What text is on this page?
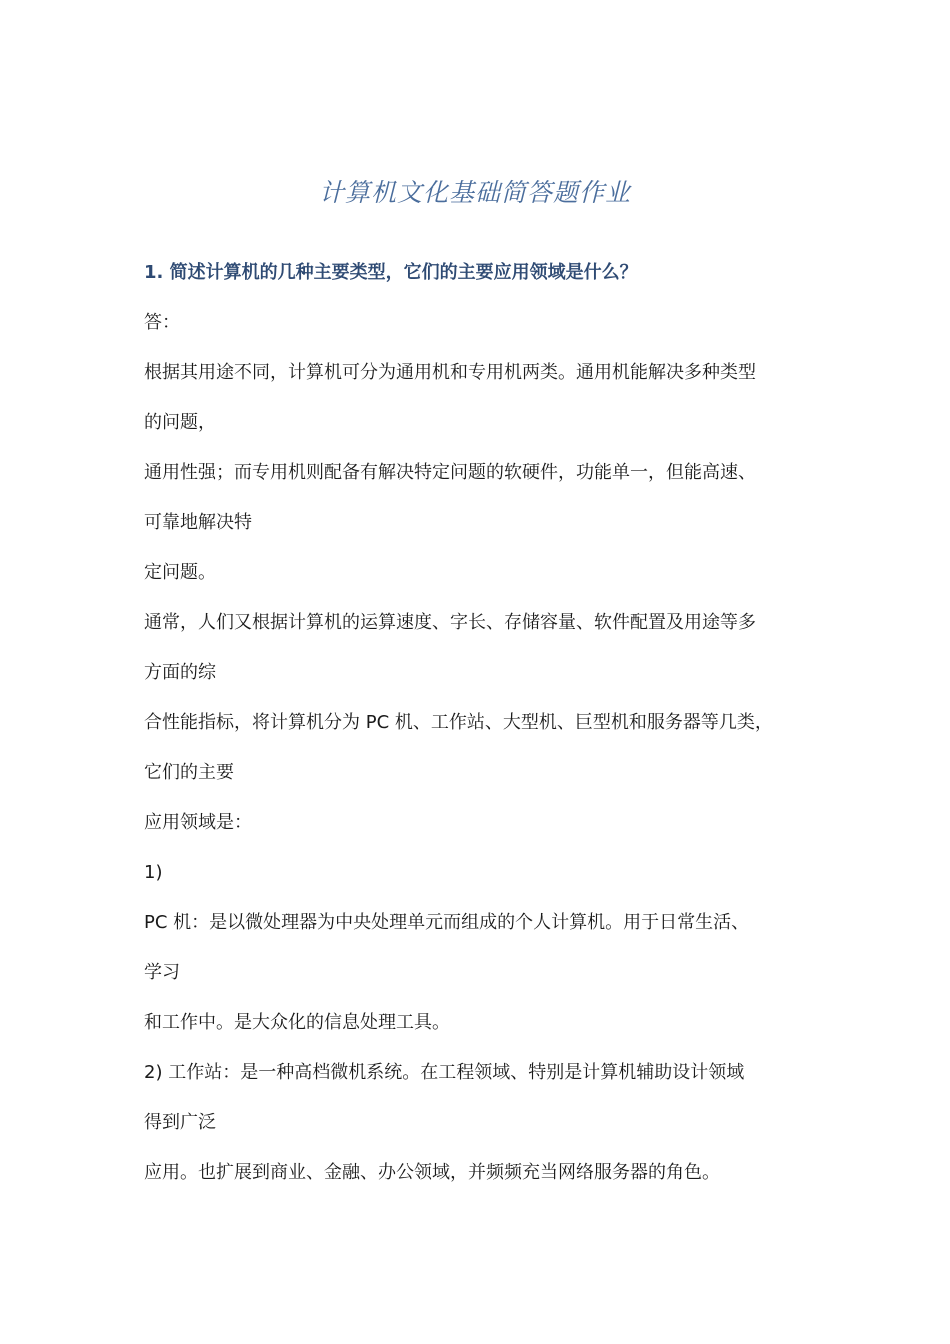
计算机文化基础简答题作业
1. 简述计算机的几种主要类型，它们的主要应用领域是什么？
答：
根据其用途不同，计算机可分为通用机和专用机两类。通用机能解决多种类型
的问题，
通用性强；而专用机则配备有解决特定问题的软硬件，功能单一，但能高速、
可靠地解决特
定问题。
通常，人们又根据计算机的运算速度、字长、存储容量、软件配置及用途等多
方面的综
合性能指标，将计算机分为 PC 机、工作站、大型机、巨型机和服务器等几类，
它们的主要
应用领域是：
1)
PC 机：是以微处理器为中央处理单元而组成的个人计算机。用于日常生活、
学习
和工作中。是大众化的信息处理工具。
2) 工作站：是一种高档微机系统。在工程领域、特别是计算机辅助设计领域
得到广泛
应用。也扩展到商业、金融、办公领域，并频频充当网络服务器的角色。
